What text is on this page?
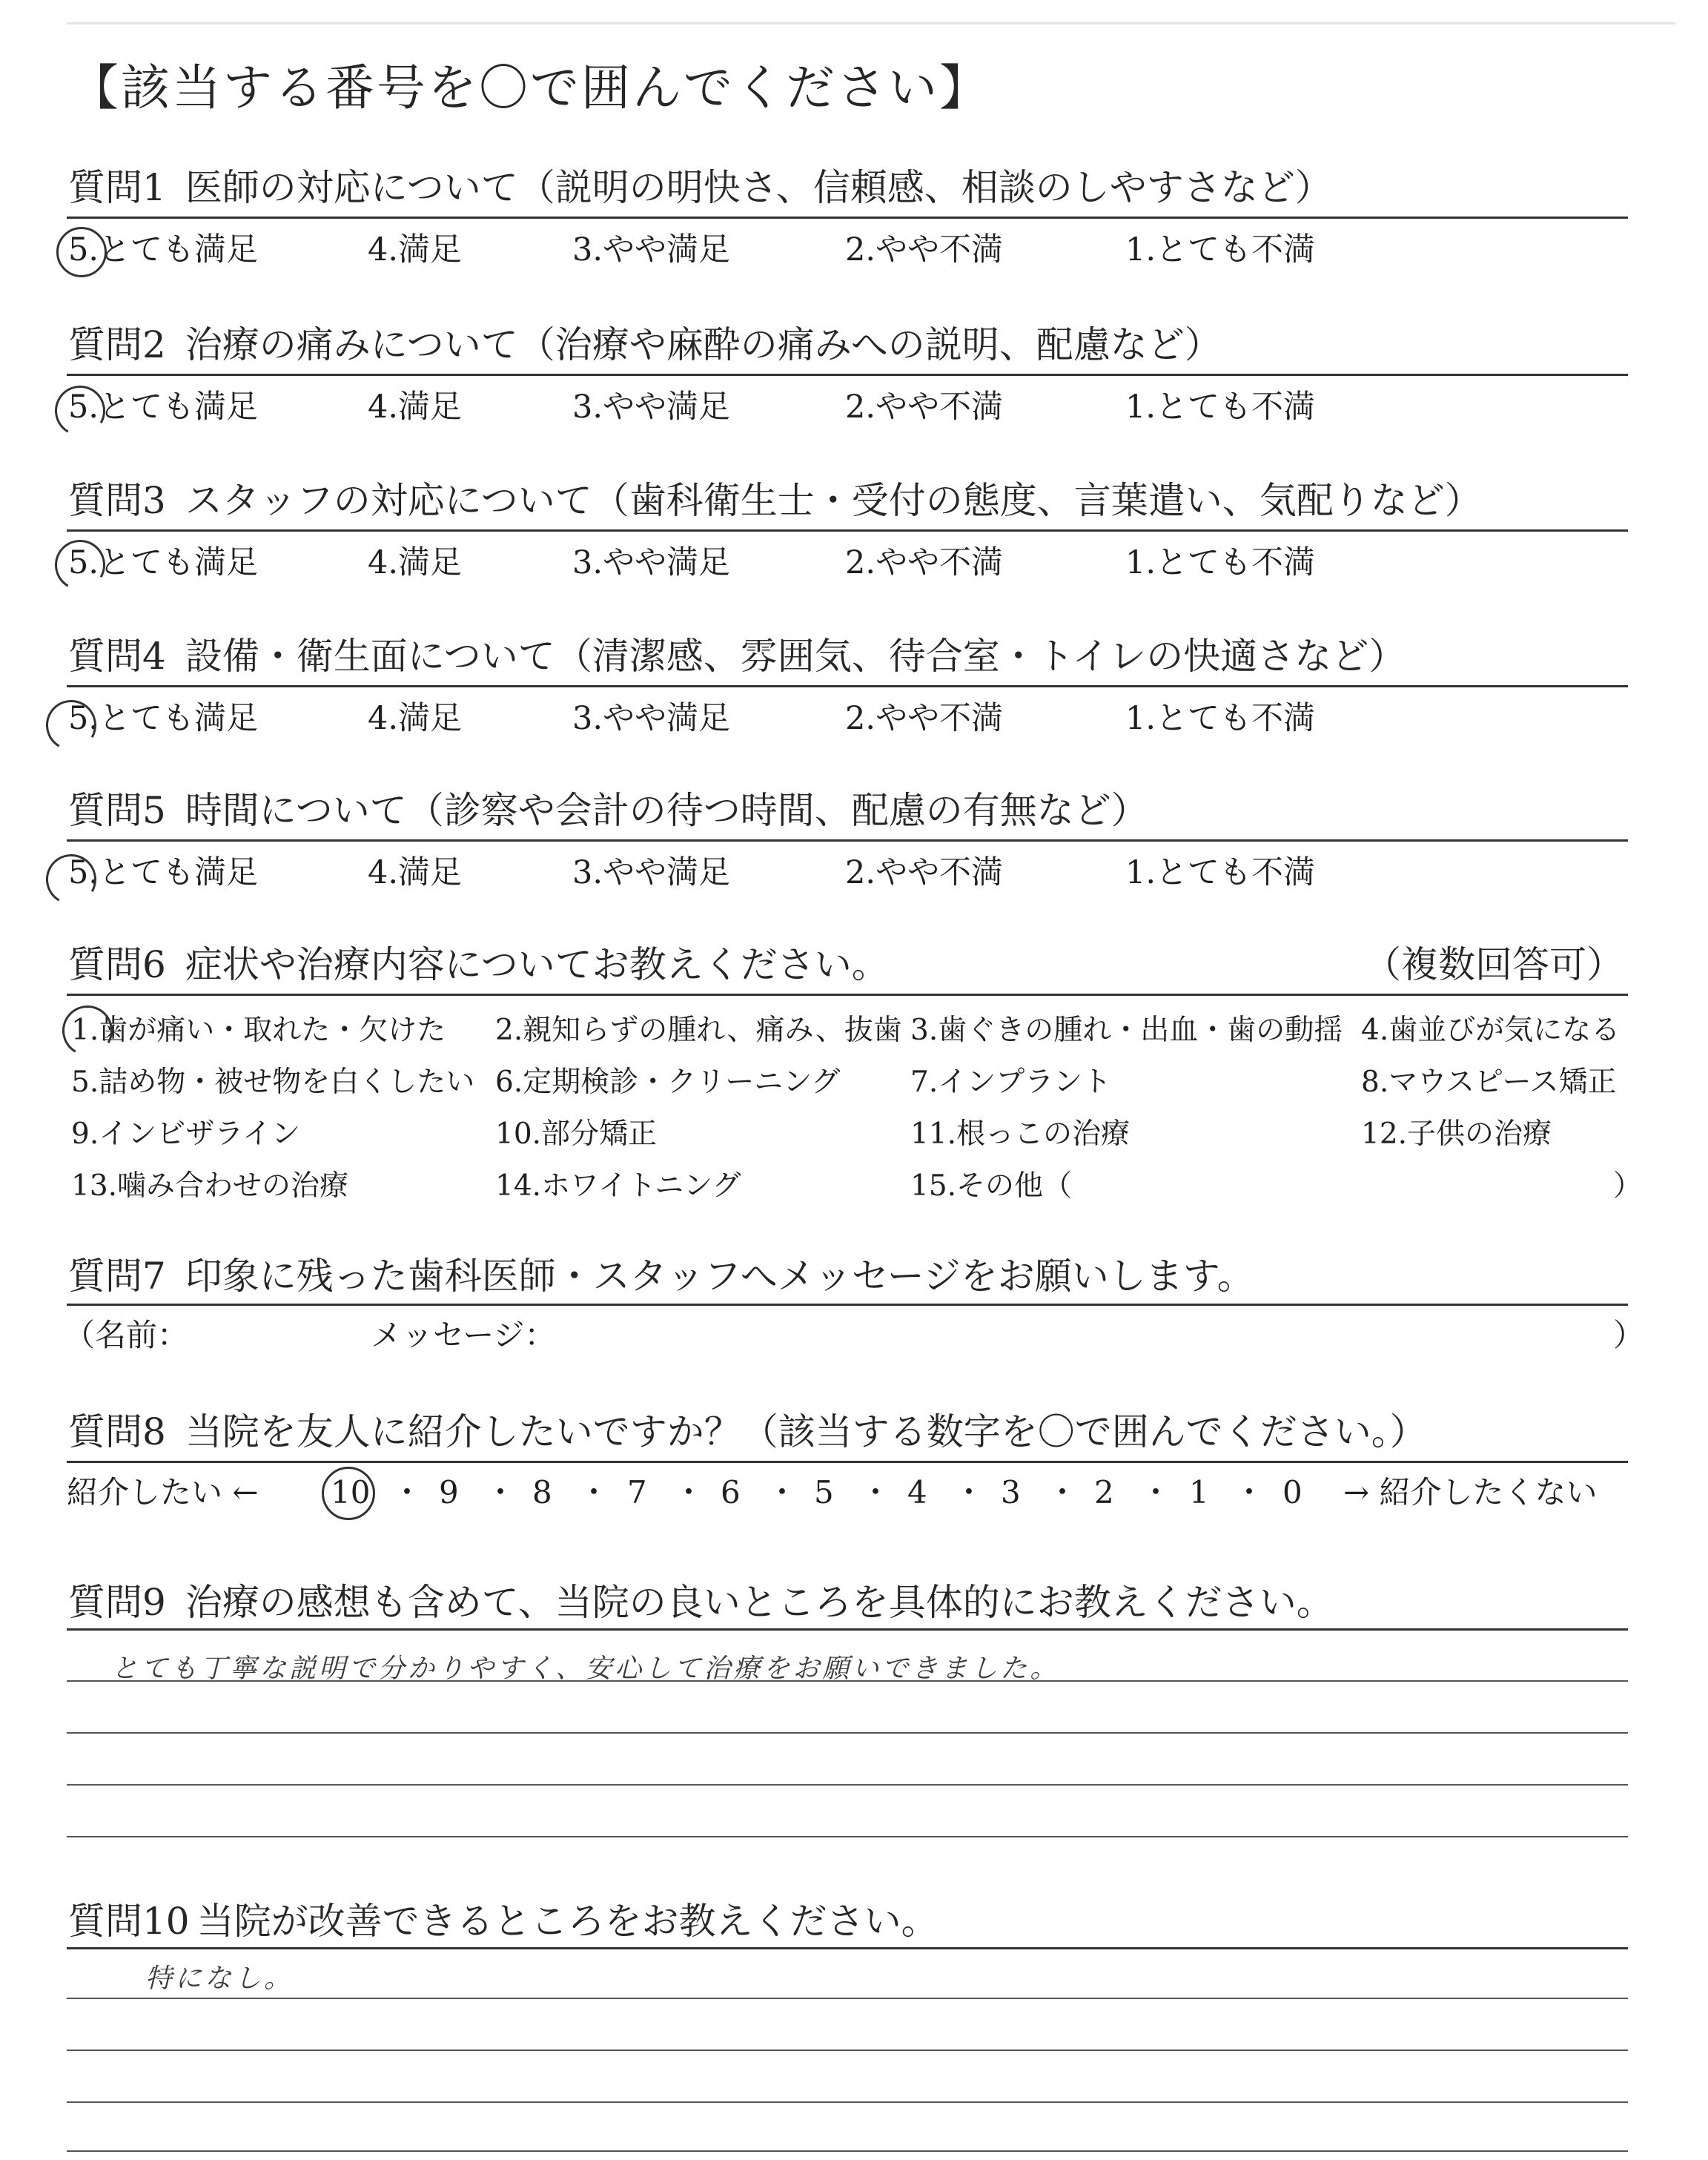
【該当する番号を〇で囲んでください】
質問1 医師の対応について（説明の明快さ、信頼感、相談のしやすさなど）
5.とても満足	4.満足	3.やや満足	2.やや不満	1.とても不満
質問2 治療の痛みについて（治療や麻酔の痛みへの説明、配慮など）
5.とても満足	4.満足	3.やや満足	2.やや不満	1.とても不満
質問3 スタッフの対応について（歯科衛生士・受付の態度、言葉遣い、気配りなど）
5.とても満足	4.満足	3.やや満足	2.やや不満	1.とても不満
質問4 設備・衛生面について（清潔感、雰囲気、待合室・トイレの快適さなど）
5.とても満足	4.満足	3.やや満足	2.やや不満	1.とても不満
質問5 時間について（診察や会計の待つ時間、配慮の有無など）
5.とても満足	4.満足	3.やや満足	2.やや不満	1.とても不満
質問6 症状や治療内容についてお教えください。	（複数回答可）
1.歯が痛い・取れた・欠けた 2.親知らずの腫れ、痛み、抜歯 3.歯ぐきの腫れ・出血・歯の動揺 4.歯並びが気になる
5.詰め物・被せ物を白くしたい 6.定期検診・クリーニング 7.インプラント	8.マウスピース矯正
9.インビザライン	10.部分矯正	11.根っこの治療	12.子供の治療
13.噛み合わせの治療	14.ホワイトニング	15.その他（	）
質問7 印象に残った歯科医師・スタッフへメッセージをお願いします。
（名前：	メッセージ：	）
質問8 当院を友人に紹介したいですか？（該当する数字を〇で囲んでください。）
紹介したい ← 10 ・ 9 ・ 8 ・ 7 ・ 6 ・ 5 ・ 4 ・ 3 ・ 2 ・ 1 ・ 0 → 紹介したくない
質問9 治療の感想も含めて、当院の良いところを具体的にお教えください。
とても丁寧な説明で分かりやすく、安心して治療をお願いできました。
質問10 当院が改善できるところをお教えください。
特になし。
